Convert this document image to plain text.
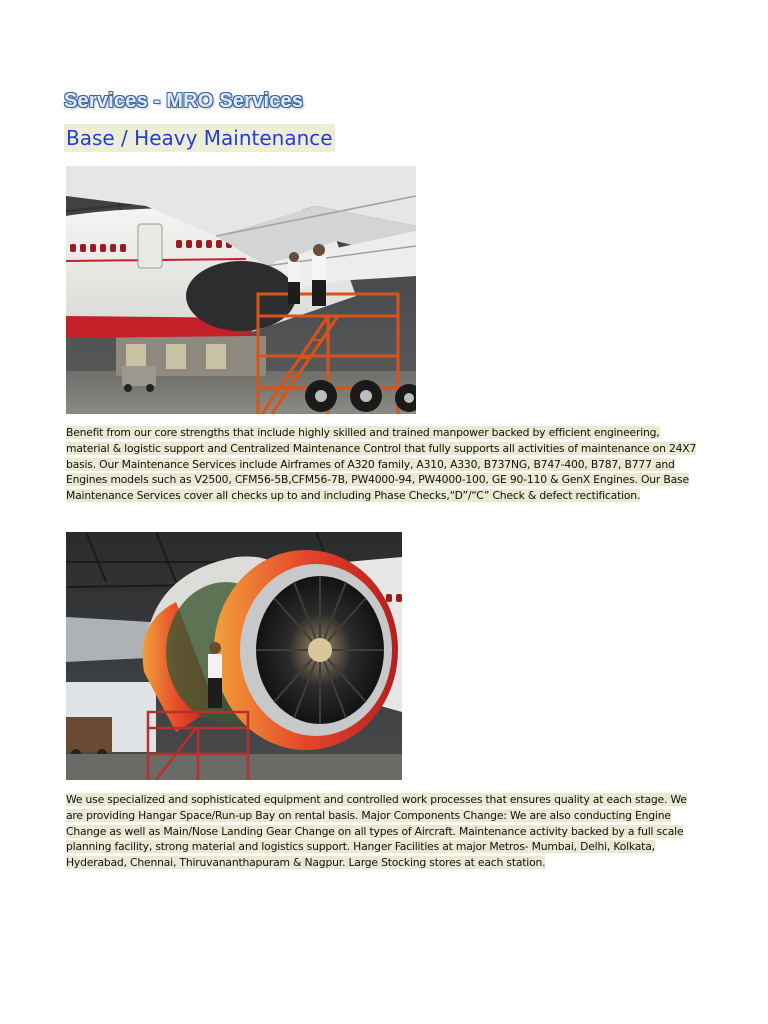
Services - MRO Services
Base / Heavy Maintenance
Benefit from our core strengths that include highly skilled and trained manpower backed by efficient engineering, material & logistic support and Centralized Maintenance Control that fully supports all activities of maintenance on 24X7 basis. Our Maintenance Services include Airframes of A320 family, A310, A330, B737NG, B747-400, B787, B777 and Engines models such as V2500, CFM56-5B,CFM56-7B, PW4000-94, PW4000-100, GE 90-110 & GenX Engines. Our Base Maintenance Services cover all checks up to and including Phase Checks,“D”/“C” Check & defect rectification.
We use specialized and sophisticated equipment and controlled work processes that ensures quality at each stage. We are providing Hangar Space/Run-up Bay on rental basis. Major Components Change: We are also conducting Engine Change as well as Main/Nose Landing Gear Change on all types of Aircraft. Maintenance activity backed by a full scale planning facility, strong material and logistics support. Hanger Facilities at major Metros- Mumbai, Delhi, Kolkata, Hyderabad, Chennai, Thiruvananthapuram & Nagpur. Large Stocking stores at each station.
